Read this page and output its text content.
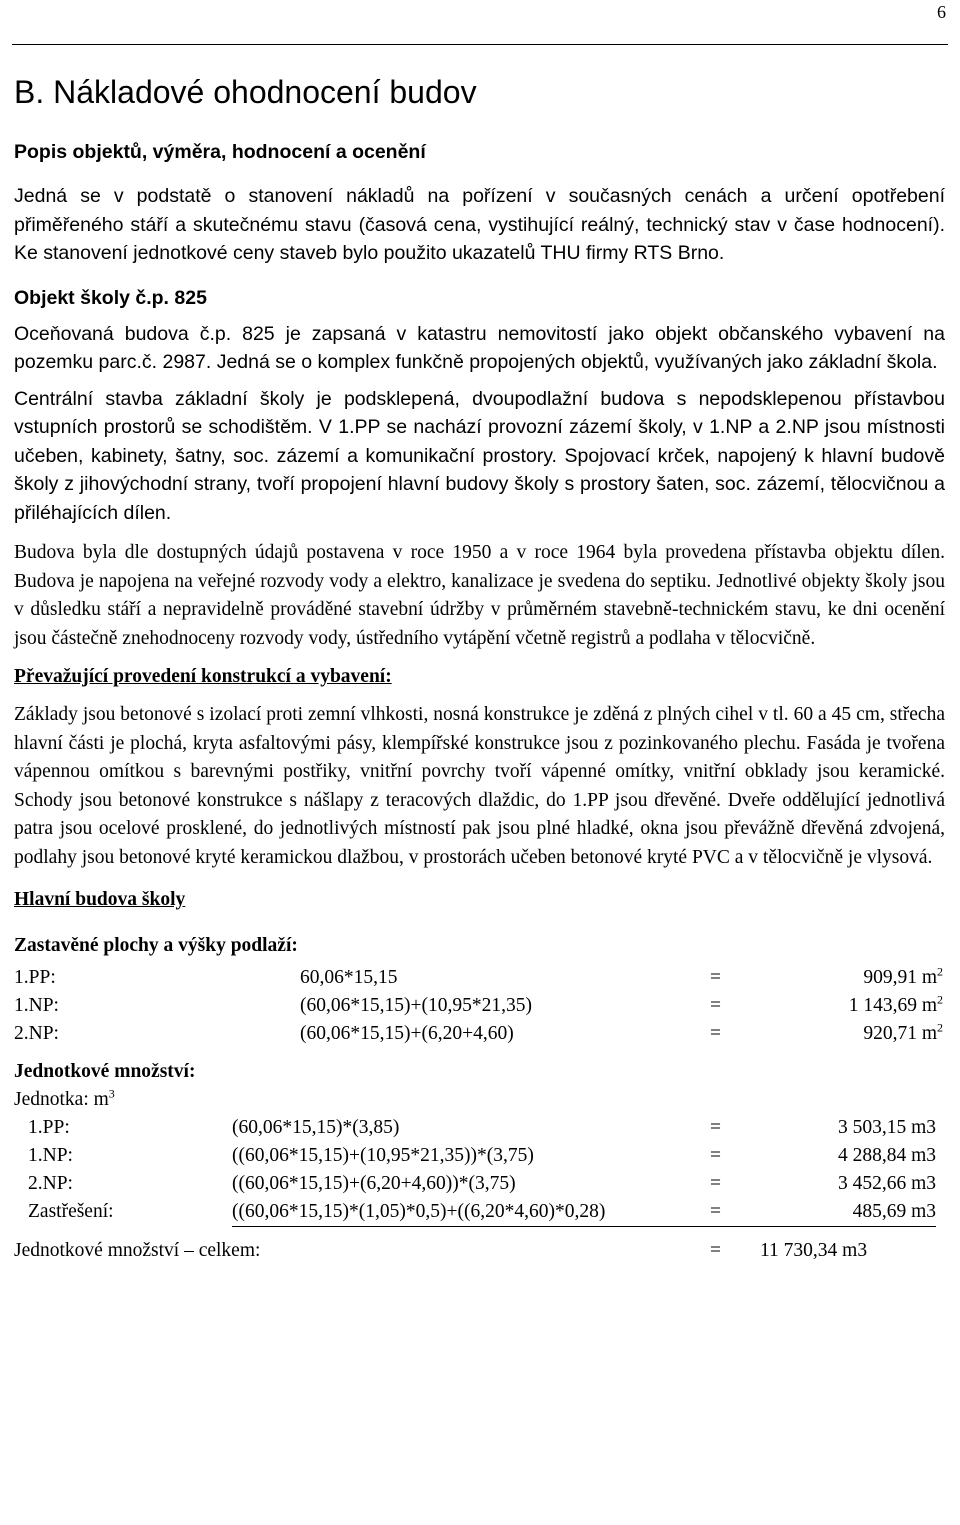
6
B. Nákladové ohodnocení budov
Popis objektů, výměra, hodnocení a ocenění

Jedná se v podstatě o stanovení nákladů na pořízení v současných cenách a určení opotřebení přiměřeného stáří a skutečnému stavu (časová cena, vystihující reálný, technický stav v čase hodnocení). Ke stanovení jednotkové ceny staveb bylo použito ukazatelů THU firmy RTS Brno.

Objekt školy č.p. 825

Oceňovaná budova č.p. 825 je zapsaná v katastru nemovitostí jako objekt občanského vybavení na pozemku parc.č. 2987. Jedná se o komplex funkčně propojených objektů, využívaných jako základní škola.

Centrální stavba základní školy je podsklepená, dvoupodlažní budova s nepodsklepenou přístavbou vstupních prostorů se schodištěm. V 1.PP se nachází provozní zázemí školy, v 1.NP a 2.NP jsou místnosti učeben, kabinety, šatny, soc. zázemí a komunikační prostory. Spojovací krček, napojený k hlavní budově školy z jihovýchodní strany, tvoří propojení hlavní budovy školy s prostory šaten, soc. zázemí, tělocvičnou a přiléhajících dílen.

Budova byla dle dostupných údajů postavena v roce 1950 a v roce 1964 byla provedena přístavba objektu dílen. Budova je napojena na veřejné rozvody vody a elektro, kanalizace je svedena do septiku. Jednotlivé objekty školy jsou v důsledku stáří a nepravidelně prováděné stavební údržby v průměrném stavebně-technickém stavu, ke dni ocenění jsou částečně znehodnoceny rozvody vody, ústředního vytápění včetně registrů a podlaha v tělocvičně.

Převažující provedení konstrukcí a vybavení:

Základy jsou betonové s izolací proti zemní vlhkosti, nosná konstrukce je zděná z plných cihel v tl. 60 a 45 cm, střecha hlavní části je plochá, kryta asfaltovými pásy, klempířské konstrukce jsou z pozinkovaného plechu. Fasáda je tvořena vápennou omítkou s barevnými postřiky, vnitřní povrchy tvoří vápenné omítky, vnitřní obklady jsou keramické. Schody jsou betonové konstrukce s nášlapy z teracových dlaždic, do 1.PP jsou dřevěné. Dveře oddělující jednotlivá patra jsou ocelové prosklené, do jednotlivých místností pak jsou plné hladké, okna jsou převážně dřevěná zdvojená, podlahy jsou betonové kryté keramickou dlažbou, v prostorách učeben betonové kryté PVC a v tělocvičně je vlysová.

Hlavní budova školy
Zastavěné plochy a výšky podlaží:
1.PP:	60,06*15,15	=	909,91 $m^2$
1.NP:	(60,06*15,15)+(10,95*21,35)	=	1 143,69 $m^2$
2.NP:	(60,06*15,15)+(6,20+4,60)	=	920,71 $m^2$
Jednotkové množství:
Jednotka: $m^3$
1.PP:	(60,06*15,15)*(3,85)	=	3 503,15 m3
1.NP:	((60,06*15,15)+(10,95*21,35))*(3,75)	=	4 288,84 m3
2.NP:	((60,06*15,15)+(6,20+4,60))*(3,75)	=	3 452,66 m3
Zastřešení:	((60,06*15,15)*(1,05)*0,5)+((6,20*4,60)*0,28)	=	485,69 m3
Jednotkové množství – celkem:	=	11 730,34 m3
